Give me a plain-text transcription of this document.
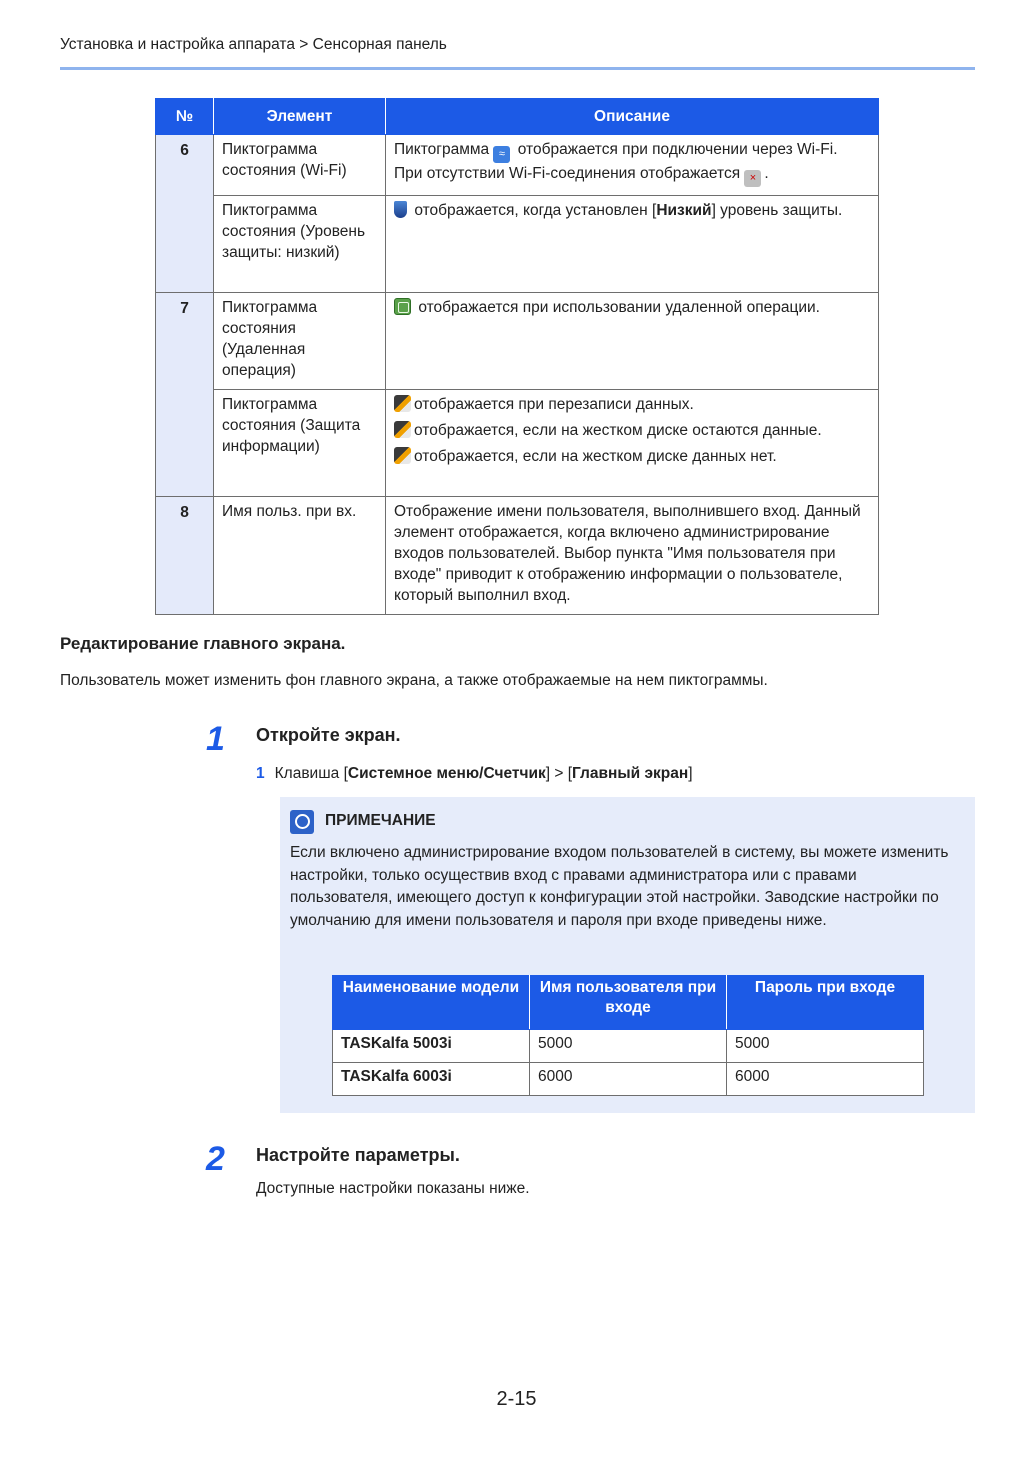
Установка и настройка аппарата > Сенсорная панель
№	Элемент	Описание
6	Пиктограмма состояния (Wi-Fi)	Пиктограмма ≈ отображается при подключении через Wi-Fi. При отсутствии Wi-Fi-соединения отображается × .
	Пиктограмма состояния (Уровень защиты: низкий)	отображается, когда установлен [Низкий] уровень защиты.
7	Пиктограмма состояния (Удаленная операция)	отображается при использовании удаленной операции.
	Пиктограмма состояния (Защита информации)	отображается при перезаписи данных.
отображается, если на жестком диске остаются данные.
отображается, если на жестком диске данных нет.

8	Имя польз. при вх.	Отображение имени пользователя, выполнившего вход. Данный элемент отображается, когда включено администрирование входов пользователей. Выбор пункта "Имя пользователя при входе" приводит к отображению информации о пользователе, который выполнил вход.
Редактирование главного экрана.
Пользователь может изменить фон главного экрана, а также отображаемые на нем пиктограммы.
1 Откройте экран.
1 Клавиша [Системное меню/Счетчик] > [Главный экран]
ПРИМЕЧАНИЕ
Если включено администрирование входом пользователей в систему, вы можете изменить настройки, только осуществив вход с правами администратора или с правами пользователя, имеющего доступ к конфигурации этой настройки. Заводские настройки по умолчанию для имени пользователя и пароля при входе приведены ниже.
Наименование модели	Имя пользователя при входе	Пароль при входе
TASKalfa 5003i	5000	5000
TASKalfa 6003i	6000	6000
2 Настройте параметры.
Доступные настройки показаны ниже.
2-15
